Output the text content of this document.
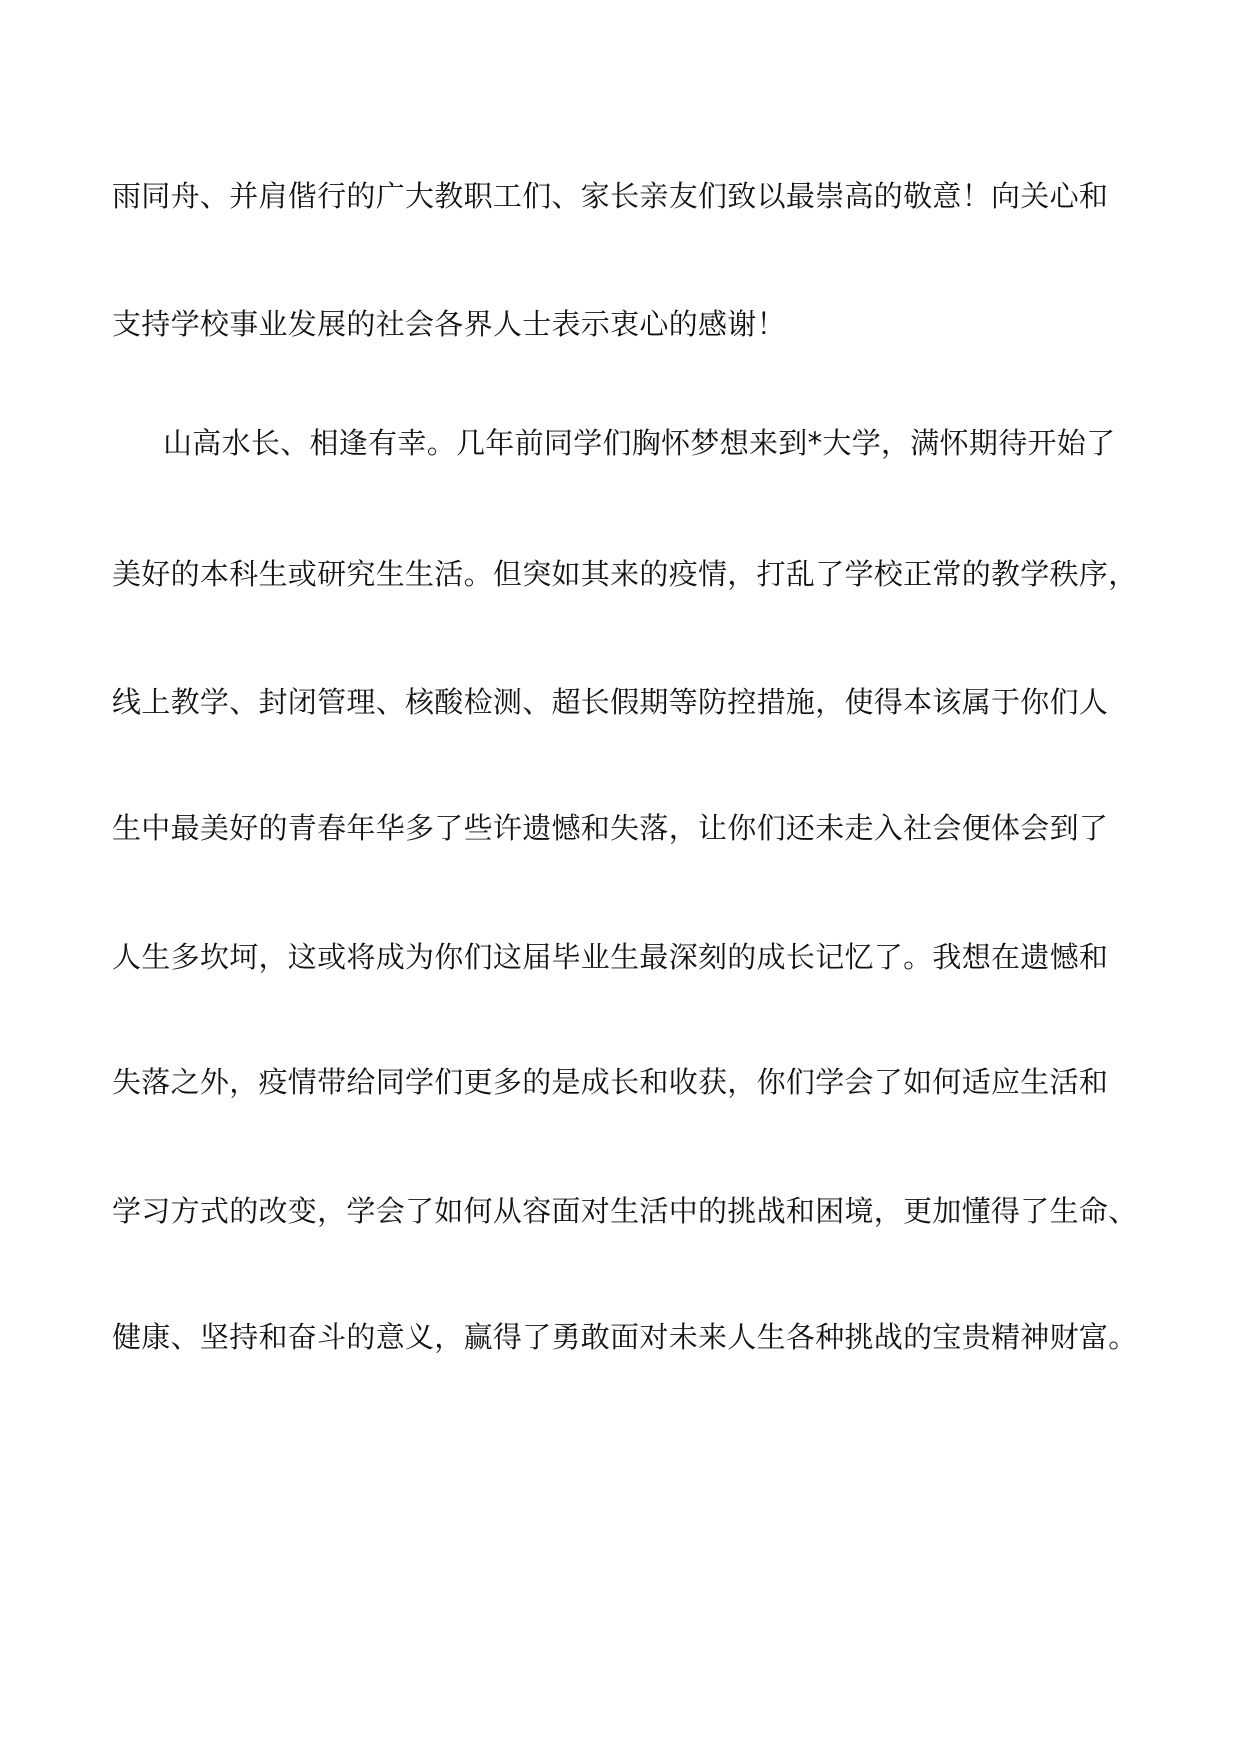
雨同舟、并肩偕行的广大教职工们、家长亲友们致以最崇高的敬意！向关心和
支持学校事业发展的社会各界人士表示衷心的感谢！
山高水长、相逢有幸。几年前同学们胸怀梦想来到*大学，满怀期待开始了
美好的本科生或研究生生活。但突如其来的疫情，打乱了学校正常的教学秩序，
线上教学、封闭管理、核酸检测、超长假期等防控措施，使得本该属于你们人
生中最美好的青春年华多了些许遗憾和失落，让你们还未走入社会便体会到了
人生多坎坷，这或将成为你们这届毕业生最深刻的成长记忆了。我想在遗憾和
失落之外，疫情带给同学们更多的是成长和收获，你们学会了如何适应生活和
学习方式的改变，学会了如何从容面对生活中的挑战和困境，更加懂得了生命、
健康、坚持和奋斗的意义，赢得了勇敢面对未来人生各种挑战的宝贵精神财富。
